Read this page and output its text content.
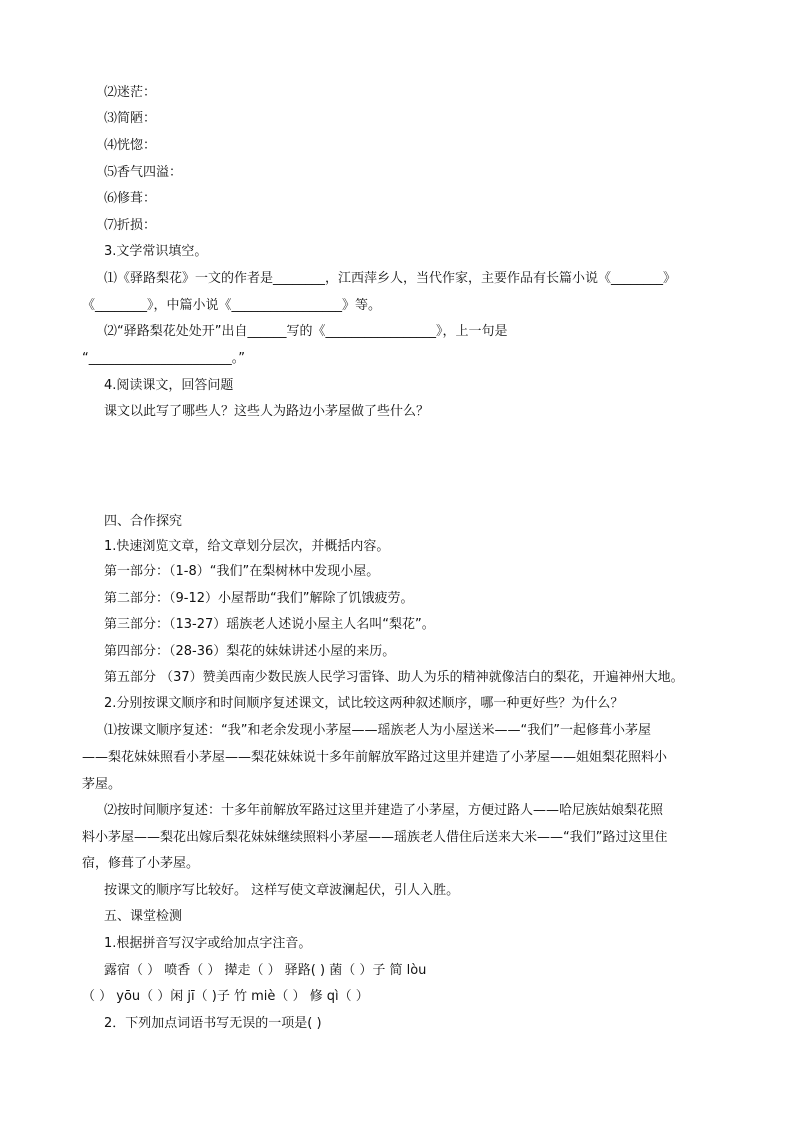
⑵迷茫：
⑶简陋：
⑷恍惚：
⑸香气四溢：
⑹修葺：
⑺折损：
3.文学常识填空。
⑴《驿路梨花》一文的作者是________，江西萍乡人，当代作家，主要作品有长篇小说《________》
《________》，中篇小说《_________________》等。
⑵“驿路梨花处处开”出自______写的《_________________》，上一句是
“______________________。”
4.阅读课文，回答问题
课文以此写了哪些人？这些人为路边小茅屋做了些什么？
四、合作探究
1.快速浏览文章，给文章划分层次，并概括内容。
第一部分：（1-8）“我们”在梨树林中发现小屋。
第二部分：（9-12）小屋帮助“我们”解除了饥饿疲劳。
第三部分：（13-27）瑶族老人述说小屋主人名叫“梨花”。
第四部分：（28-36）梨花的妹妹讲述小屋的来历。
第五部分 （37）赞美西南少数民族人民学习雷锋、助人为乐的精神就像洁白的梨花，开遍神州大地。
2.分别按课文顺序和时间顺序复述课文，试比较这两种叙述顺序，哪一种更好些？为什么？
⑴按课文顺序复述：“我”和老余发现小茅屋——瑶族老人为小屋送米——“我们”一起修葺小茅屋
——梨花妹妹照看小茅屋——梨花妹妹说十多年前解放军路过这里并建造了小茅屋——姐姐梨花照料小
茅屋。
⑵按时间顺序复述：十多年前解放军路过这里并建造了小茅屋，方便过路人——哈尼族姑娘梨花照
料小茅屋——梨花出嫁后梨花妹妹继续照料小茅屋——瑶族老人借住后送来大米——“我们”路过这里住
宿，修葺了小茅屋。
按课文的顺序写比较好。 这样写使文章波澜起伏，引人入胜。
五、课堂检测
1.根据拼音写汉字或给加点字注音。
露宿（ ） 喷香（ ） 撵走（ ） 驿路( ) 菌（ ）子 简 lòu
（ ） yōu（ ）闲 jī（ )子 竹 miè（ ） 修 qì（ ）
2．下列加点词语书写无误的一项是( )
